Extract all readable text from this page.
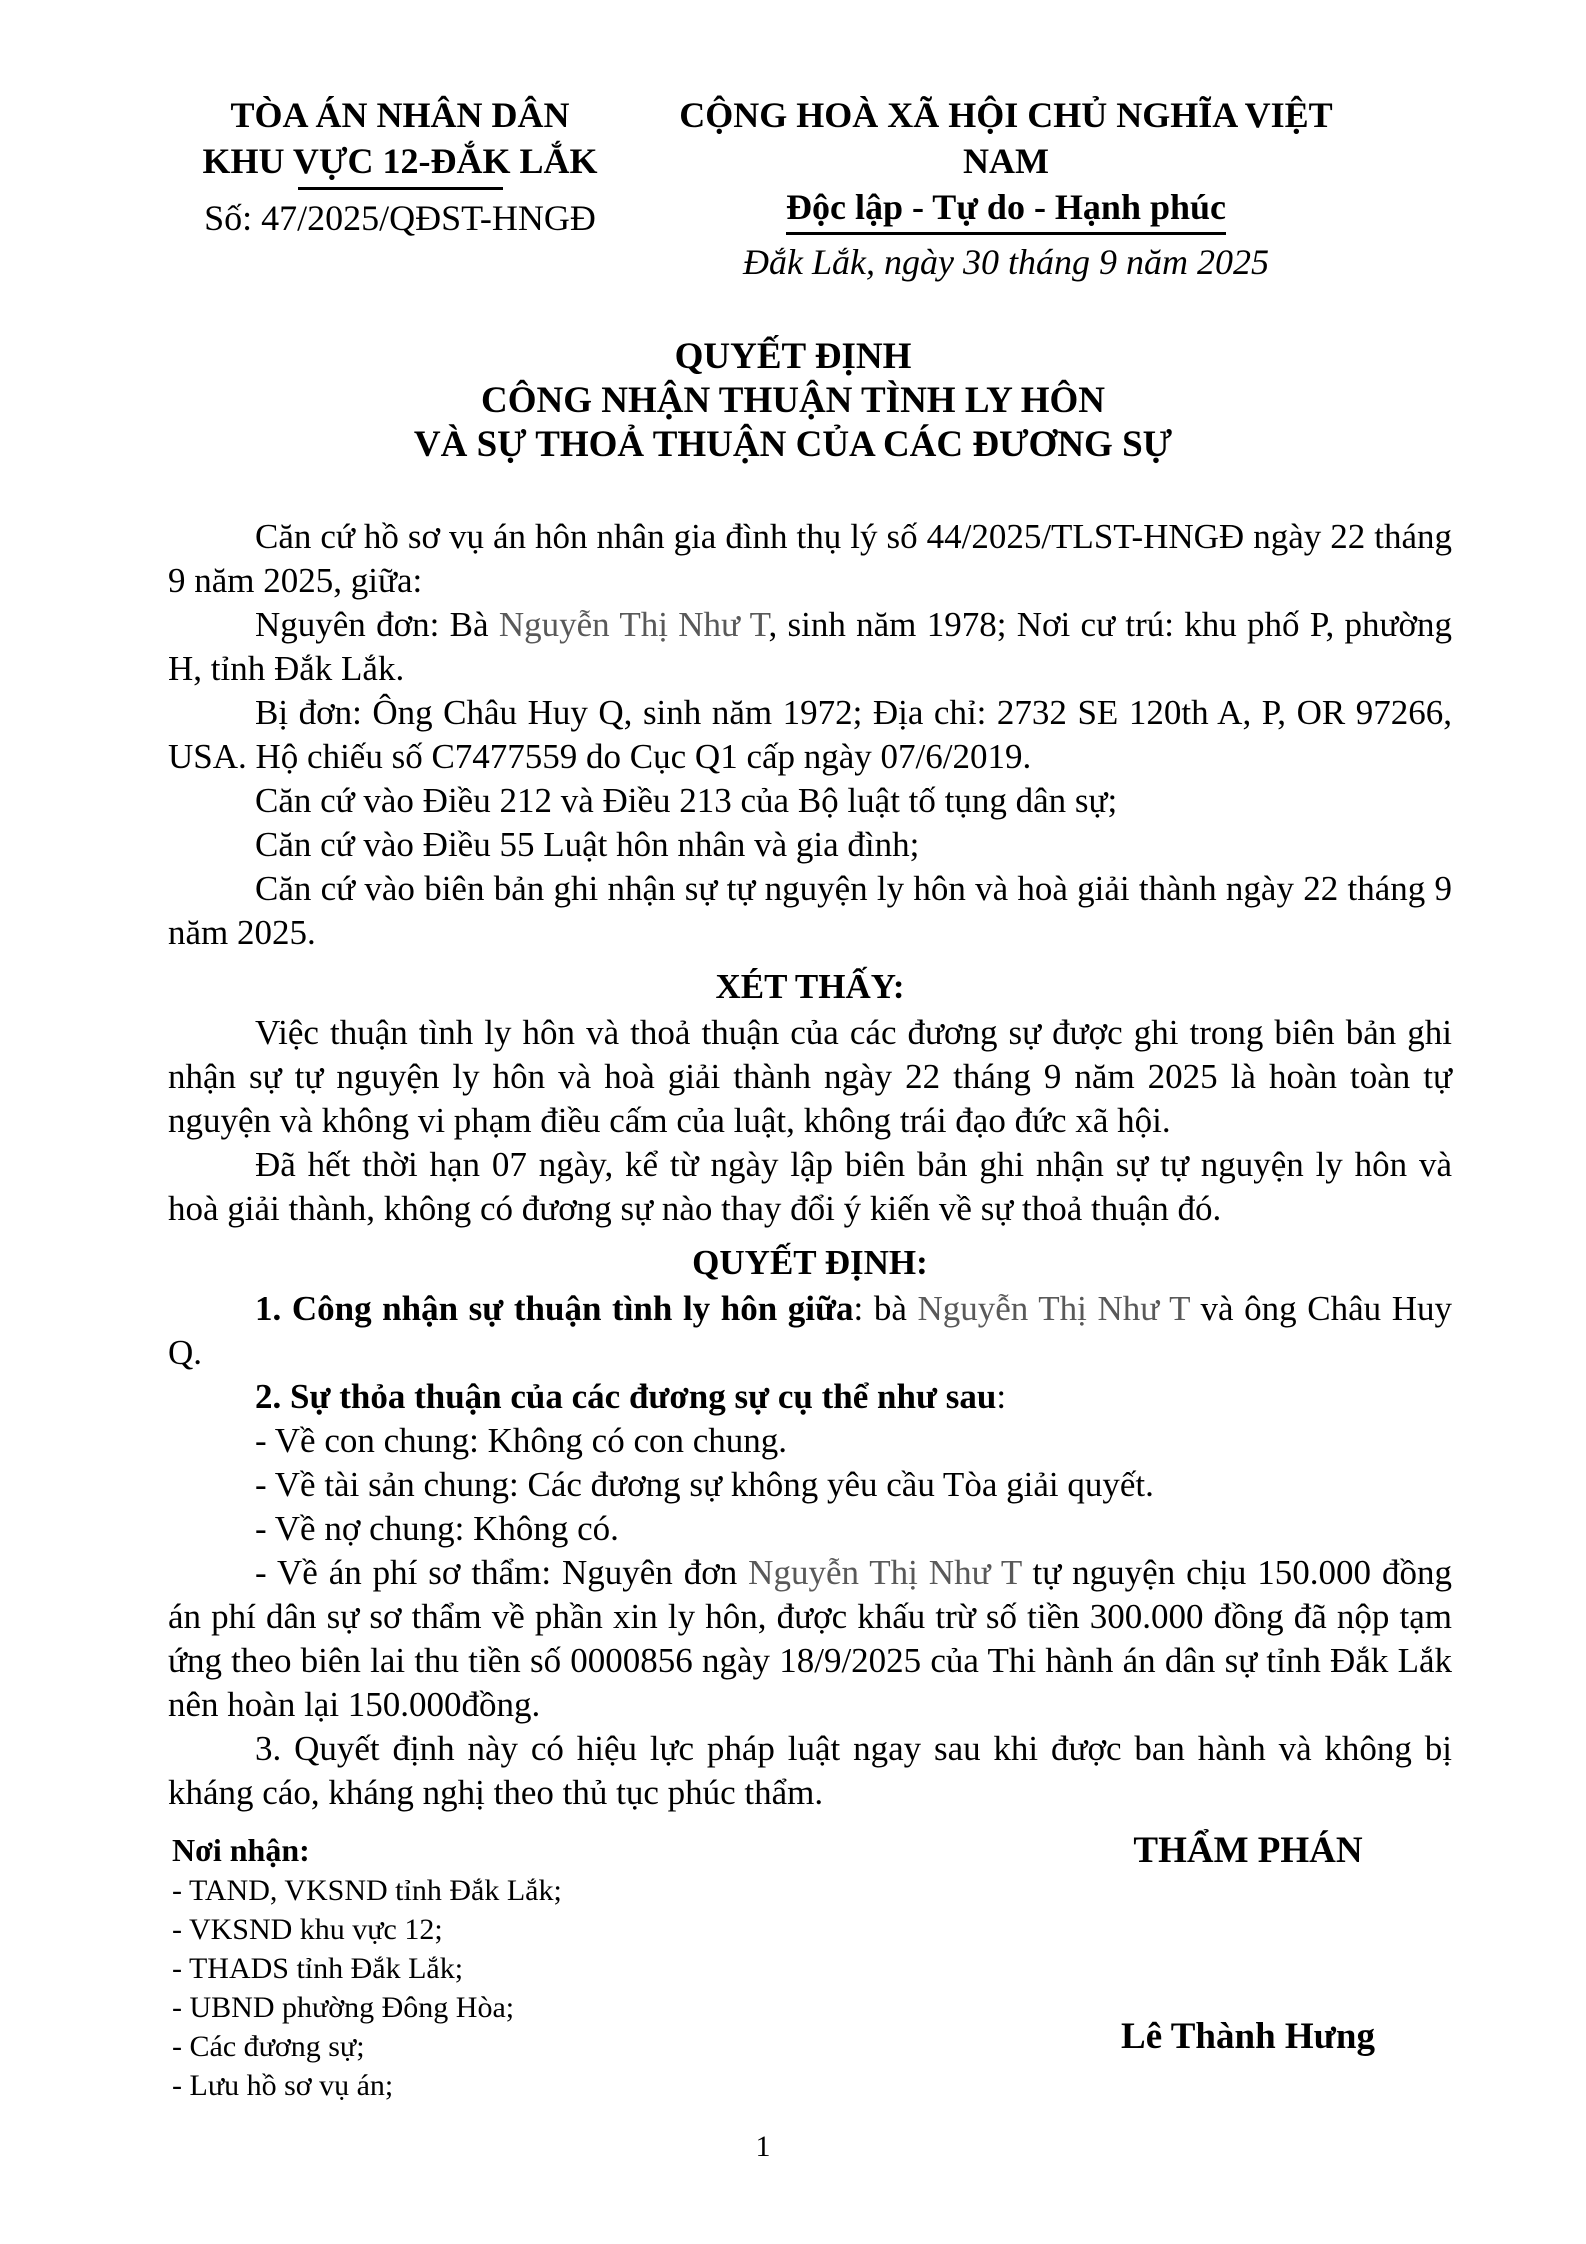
TÒA ÁN NHÂN DÂN
KHU VỰC 12-ĐẮK LẮK
Số: 47/2025/QĐST-HNGĐ
CỘNG HOÀ XÃ HỘI CHỦ NGHĨA VIỆT NAM
Độc lập - Tự do - Hạnh phúc
Đắk Lắk, ngày 30 tháng 9 năm 2025
QUYẾT ĐỊNH
CÔNG NHẬN THUẬN TÌNH LY HÔN
VÀ SỰ THOẢ THUẬN CỦA CÁC ĐƯƠNG SỰ

Căn cứ hồ sơ vụ án hôn nhân gia đình thụ lý số 44/2025/TLST-HNGĐ ngày 22 tháng 9 năm 2025, giữa:

Nguyên đơn: Bà Nguyễn Thị Như T, sinh năm 1978; Nơi cư trú: khu phố P, phường H, tỉnh Đắk Lắk.

Bị đơn: Ông Châu Huy Q, sinh năm 1972; Địa chỉ: 2732 SE 120th A, P, OR 97266, USA. Hộ chiếu số C7477559 do Cục Q1 cấp ngày 07/6/2019.

Căn cứ vào Điều 212 và Điều 213 của Bộ luật tố tụng dân sự;

Căn cứ vào Điều 55 Luật hôn nhân và gia đình;

Căn cứ vào biên bản ghi nhận sự tự nguyện ly hôn và hoà giải thành ngày 22 tháng 9 năm 2025.

XÉT THẤY:

Việc thuận tình ly hôn và thoả thuận của các đương sự được ghi trong biên bản ghi nhận sự tự nguyện ly hôn và hoà giải thành ngày 22 tháng 9 năm 2025 là hoàn toàn tự nguyện và không vi phạm điều cấm của luật, không trái đạo đức xã hội.

Đã hết thời hạn 07 ngày, kể từ ngày lập biên bản ghi nhận sự tự nguyện ly hôn và hoà giải thành, không có đương sự nào thay đổi ý kiến về sự thoả thuận đó.

QUYẾT ĐỊNH:

1. Công nhận sự thuận tình ly hôn giữa: bà Nguyễn Thị Như T và ông Châu Huy Q.

2. Sự thỏa thuận của các đương sự cụ thể như sau:

- Về con chung: Không có con chung.

- Về tài sản chung: Các đương sự không yêu cầu Tòa giải quyết.

- Về nợ chung: Không có.

- Về án phí sơ thẩm: Nguyên đơn Nguyễn Thị Như T tự nguyện chịu 150.000 đồng án phí dân sự sơ thẩm về phần xin ly hôn, được khấu trừ số tiền 300.000 đồng đã nộp tạm ứng theo biên lai thu tiền số 0000856 ngày 18/9/2025 của Thi hành án dân sự tỉnh Đắk Lắk nên hoàn lại 150.000đồng.

3. Quyết định này có hiệu lực pháp luật ngay sau khi được ban hành và không bị kháng cáo, kháng nghị theo thủ tục phúc thẩm.

Nơi nhận:
- TAND, VKSND tỉnh Đắk Lắk;
- VKSND khu vực 12;
- THADS tỉnh Đắk Lắk;
- UBND phường Đông Hòa;
- Các đương sự;
- Lưu hồ sơ vụ án;
THẨM PHÁN
Lê Thành Hưng
1
